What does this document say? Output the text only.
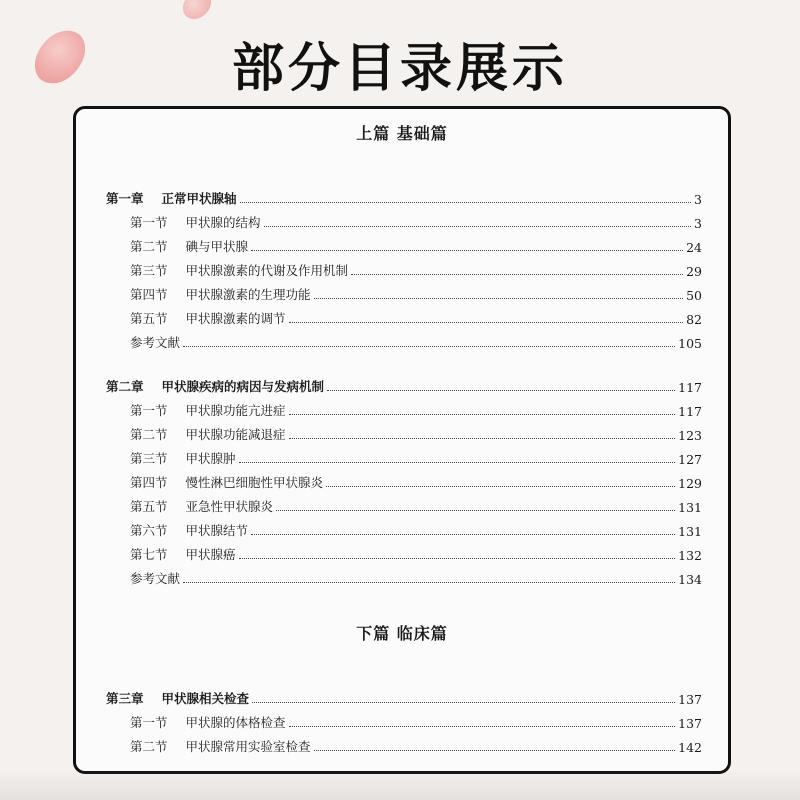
部分目录展示
上篇 基础篇
第一章 正常甲状腺轴	3
第一节 甲状腺的结构	3
第二节 碘与甲状腺	24
第三节 甲状腺激素的代谢及作用机制	29
第四节 甲状腺激素的生理功能	50
第五节 甲状腺激素的调节	82
参考文献	105
第二章 甲状腺疾病的病因与发病机制	117
第一节 甲状腺功能亢进症	117
第二节 甲状腺功能减退症	123
第三节 甲状腺肿	127
第四节 慢性淋巴细胞性甲状腺炎	129
第五节 亚急性甲状腺炎	131
第六节 甲状腺结节	131
第七节 甲状腺癌	132
参考文献	134
下篇 临床篇
第三章 甲状腺相关检查	137
第一节 甲状腺的体格检查	137
第二节 甲状腺常用实验室检查	142
